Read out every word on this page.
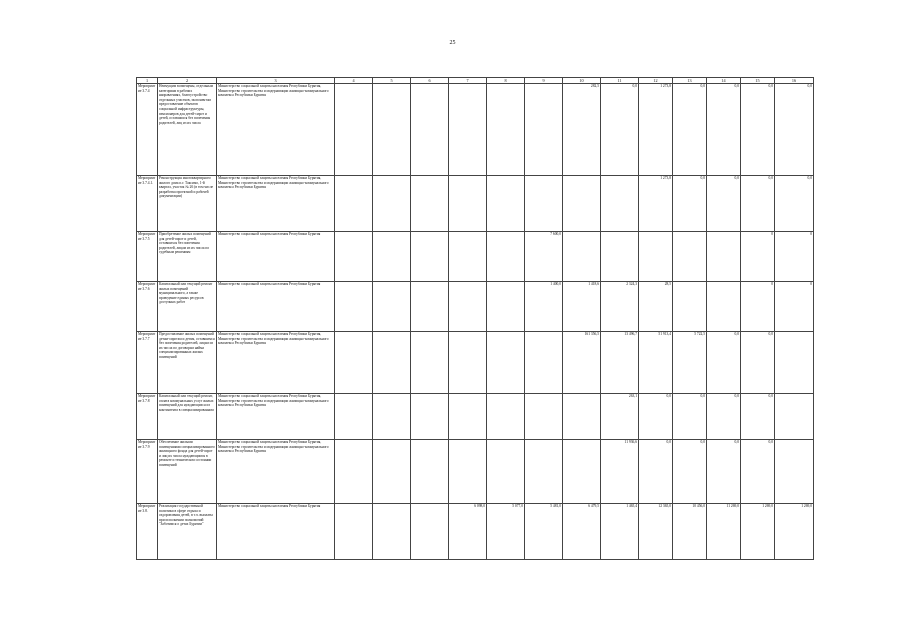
25
1	2	3	4	5	6	7	8	9	10	11	12	13	14	15	16
Мероприятие 3.7.4	Неимущим возмещены, отдельным категориям в рабочих направлениях, благоустройство отдельных участков, экспонентам предоставление объектов социальной инфраструктуры, пенсионеров для детей-сирот и детей, оставшихся без попечения родителей, лиц из их числа	Министерство социальной защиты населения Республики Бурятия, Министерство строительства и модернизации жилищно-коммунального комплекса Республики Бурятия							282,5	0,0	1 273,8	0,0	0,0	0,0	0,0
Мероприятие 3.7.4.1.	Реконструкция многоквартирного жилого дома п.г. Таксимо, 1-й квартал, участок № 26 (в том числе разработка проектной и рабочей документации)	Министерство социальной защиты населения Республики Бурятия, Министерство строительства и модернизации жилищно-коммунального комплекса Республики Бурятия									1 273,8	0,0	0,0	0,0	0,0
Мероприятие 3.7.5	Приобретение жилых помещений для детей-сирот и детей, оставшихся без попечения родителей, лицам из их числа по судебным решениям	Министерство социальной защиты населения Республики Бурятия						7 600,0						0	0
Мероприятие 3.7.6	Капитальный или текущий ремонт жилых помещений муниципального, а также проведение единых ресурсов доступных работ	Министерство социальной защиты населения Республики Бурятия						1 400,0	1 418,6	2 324,3	28,5			0	0
Мероприятие 3.7.7	Предоставление жилых помещений детям-сиротам и детям, оставшимся без попечения родителей, лицам из их числа по договорам найма специализированных жилых помещений	Министерство социальной защиты населения Республики Бурятия, Министерство строительства и модернизации жилищно-коммунального комплекса Республики Бурятия							161 356,5	13 496,7	51 913,4	5 722,5	0,0	0,0	
Мероприятие 3.7.8	Капитальный или текущий ремонт, оплата коммунальных услуг жилых помещений для нуждающихся из контингента в специализированном	Министерство социальной защиты населения Республики Бурятия, Министерство строительства и модернизации жилищно-коммунального комплекса Республики Бурятия								263,1	0,0	0,0	0,0	0,0	
Мероприятие 3.7.9	Обеспечение жилыми помещениями специализированного жилищного фонда для детей-сирот и лиц их числа нуждающимся в ремонте и техническом состоянии помещений	Министерство социальной защиты населения Республики Бурятия, Министерство строительства и модернизации жилищно-коммунального комплекса Республики Бурятия								11 936,6	0,0	0,0	0,0	0,0	
Мероприятие 3.8.	Реализация государственной политики в сфере отдыха и оздоровления детей, в т.ч. выплаты при исполнении полномочий "Заботимся о детях Бурятии"	Министерство социальной защиты населения Республики Бурятия				6 098,0	5 077,0	5 481,0	6 479,5	1 465,4	12 365,0	10 456,0	11 269,0	1 269,0	1 269,0
